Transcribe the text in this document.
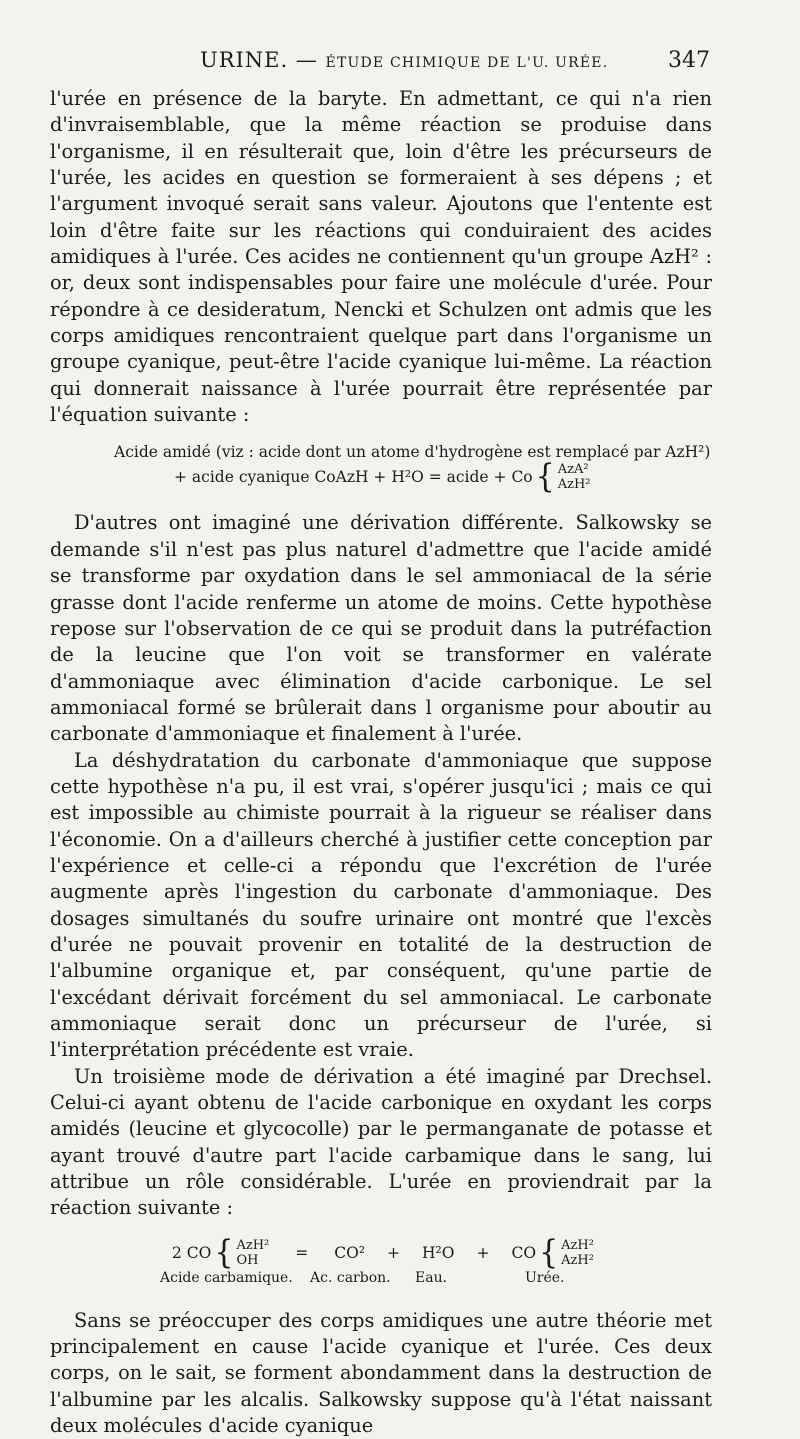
URINE. — ÉTUDE CHIMIQUE DE L'U. URÉE.	347

l'urée en présence de la baryte. En admettant, ce qui n'a rien d'invraisemblable, que la même réaction se produise dans l'organisme, il en résulterait que, loin d'être les précurseurs de l'urée, les acides en question se formeraient à ses dépens ; et l'argument invoqué serait sans valeur. Ajoutons que l'entente est loin d'être faite sur les réactions qui conduiraient des acides amidiques à l'urée. Ces acides ne contiennent qu'un groupe AzH² : or, deux sont indispensables pour faire une molécule d'urée. Pour répondre à ce desideratum, Nencki et Schulzen ont admis que les corps amidiques rencontraient quelque part dans l'organisme un groupe cyanique, peut-être l'acide cyanique lui-même. La réaction qui donnerait naissance à l'urée pourrait être représentée par l'équation suivante :

Acide amidé (viz : acide dont un atome d'hydrogène est remplacé par AzH²)
+ acide cyanique CoAzH + H²O = acide + Co { AzA²
AzH²

D'autres ont imaginé une dérivation différente. Salkowsky se demande s'il n'est pas plus naturel d'admettre que l'acide amidé se transforme par oxydation dans le sel ammoniacal de la série grasse dont l'acide renferme un atome de moins. Cette hypothèse repose sur l'observation de ce qui se produit dans la putréfaction de la leucine que l'on voit se transformer en valérate d'ammoniaque avec élimination d'acide carbonique. Le sel ammoniacal formé se brûlerait dans l organisme pour aboutir au carbonate d'ammoniaque et finalement à l'urée.

La déshydratation du carbonate d'ammoniaque que suppose cette hypothèse n'a pu, il est vrai, s'opérer jusqu'ici ; mais ce qui est impossible au chimiste pourrait à la rigueur se réaliser dans l'économie. On a d'ailleurs cherché à justifier cette conception par l'expérience et celle-ci a répondu que l'excrétion de l'urée augmente après l'ingestion du carbonate d'ammoniaque. Des dosages simultanés du soufre urinaire ont montré que l'excès d'urée ne pouvait provenir en totalité de la destruction de l'albumine organique et, par conséquent, qu'une partie de l'excédant dérivait forcément du sel ammoniacal. Le carbonate ammoniaque serait donc un précurseur de l'urée, si l'interprétation précédente est vraie.

Un troisième mode de dérivation a été imaginé par Drechsel. Celui-ci ayant obtenu de l'acide carbonique en oxydant les corps amidés (leucine et glycocolle) par le permanganate de potasse et ayant trouvé d'autre part l'acide carbamique dans le sang, lui attribue un rôle considérable. L'urée en proviendrait par la réaction suivante :

2 CO { AzH²
OH	= CO² + H²O + CO { AzH²
AzH²
Acide carbamique.	Ac. carbon.	Eau.	Urée.

Sans se préoccuper des corps amidiques une autre théorie met principalement en cause l'acide cyanique et l'urée. Ces deux corps, on le sait, se forment abondamment dans la destruction de l'albumine par les alcalis. Salkowsky suppose qu'à l'état naissant deux molécules d'acide cyanique
